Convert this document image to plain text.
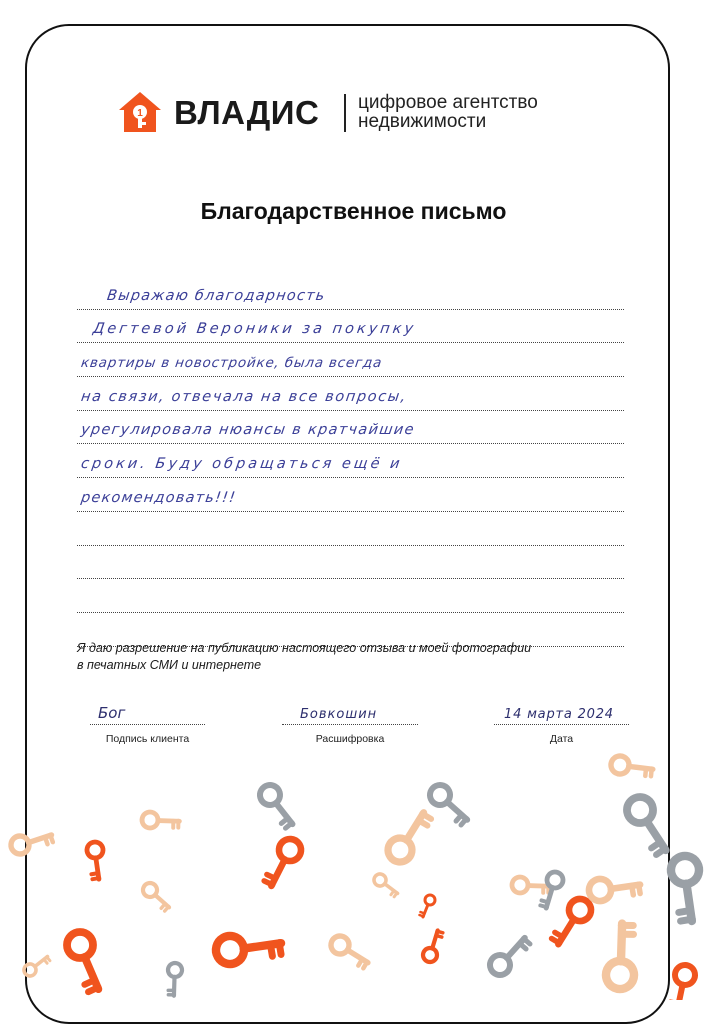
1 ВЛАДИС цифровое агентство
недвижимости
Благодарственное письмо
Выражаю благодарность
Дегтевой Вероники за покупку
квартиры в новостройке, была всегда
на связи, отвечала на все вопросы,
урегулировала нюансы в кратчайшие
сроки. Буду обращаться ещё и
рекомендовать!!!
Я даю разрешение на публикацию настоящего отзыва и моей фотографии
в печатных СМИ и интернете
Бог
Подпись клиента
Бовкошин
Расшифровка
14 марта 2024
Дата
